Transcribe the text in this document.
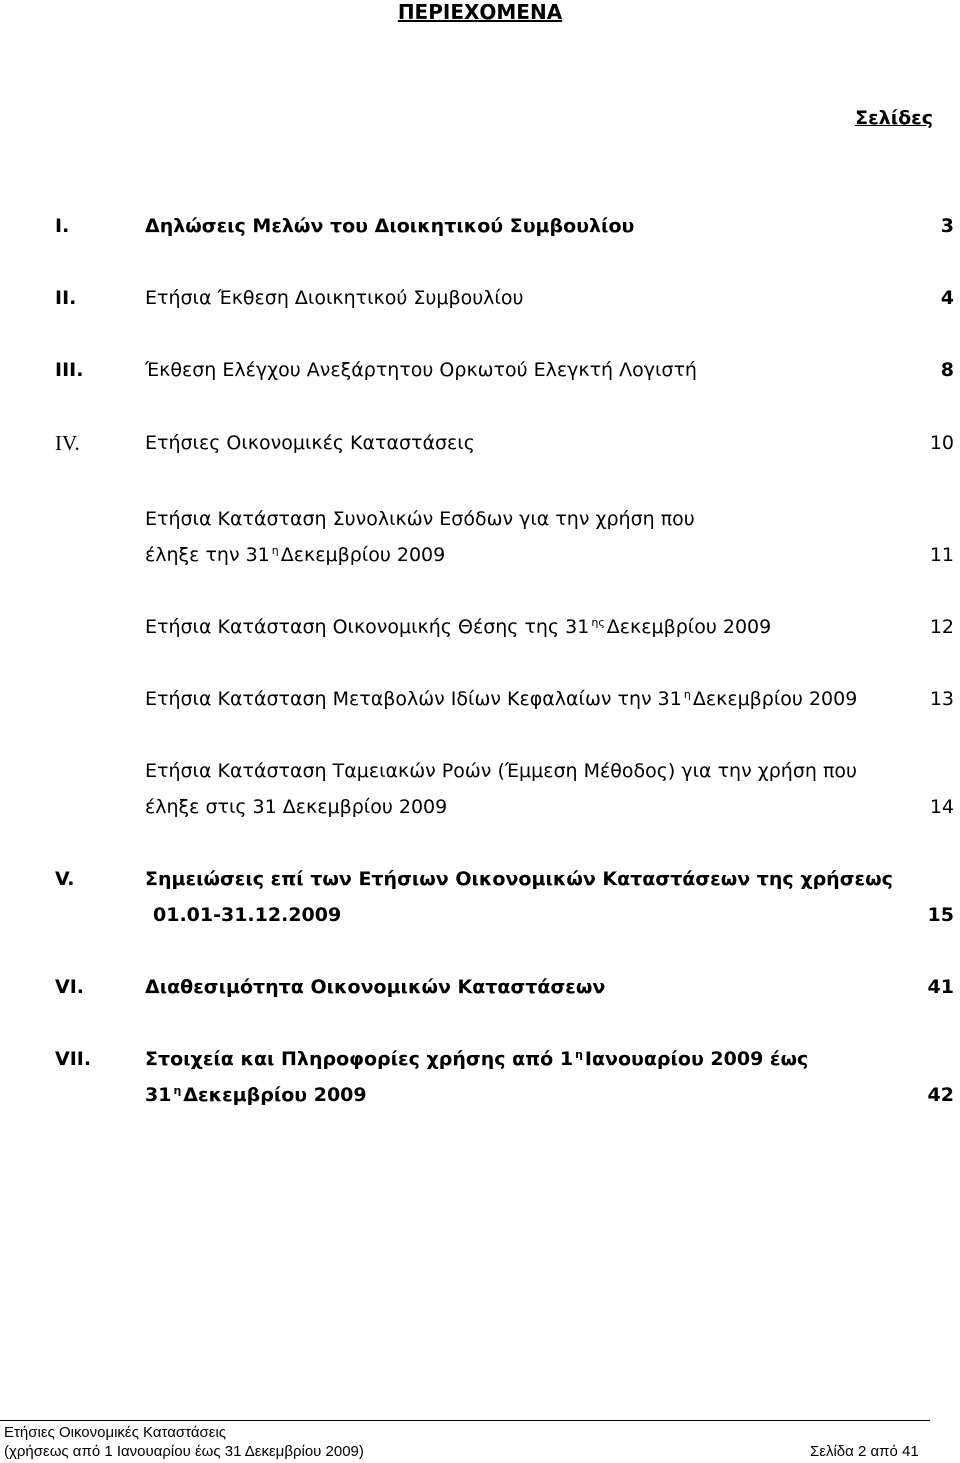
ΠΕΡΙΕΧΟΜΕΝΑ
Σελίδες
I.	Δηλώσεις Μελών του Διοικητικού Συμβουλίου	3
II.	Ετήσια Έκθεση Διοικητικού Συμβουλίου	4
III.	Έκθεση Ελέγχου Ανεξάρτητου Ορκωτού Ελεγκτή Λογιστή	8
IV.	Ετήσιες Οικονομικές Καταστάσεις	10
Ετήσια Κατάσταση Συνολικών Εσόδων για την χρήση που
έληξε την 31 $^\eta$ Δεκεμβρίου 2009	11
Ετήσια Κατάσταση Οικονομικής Θέσης της 31 $^{\eta\varsigma}$ Δεκεμβρίου 2009	12
Ετήσια Κατάσταση Μεταβολών Ιδίων Κεφαλαίων την 31 $^\eta$ Δεκεμβρίου 2009	13
Ετήσια Κατάσταση Ταμειακών Ροών (Έμμεση Μέθοδος) για την χρήση που
έληξε στις 31 Δεκεμβρίου 2009	14
V.	Σημειώσεις επί των Ετήσιων Οικονομικών Καταστάσεων της χρήσεως
01.01-31.12.2009	15
VI.	Διαθεσιμότητα Οικονομικών Καταστάσεων	41
VII.	Στοιχεία και Πληροφορίες χρήσης από 1 $^\eta$ Ιανουαρίου 2009 έως
31 $^\eta$ Δεκεμβρίου 2009	42
Ετήσιες Οικονομικές Καταστάσεις
(χρήσεως από 1 Ιανουαρίου έως 31 Δεκεμβρίου 2009)	Σελίδα 2 από 41
